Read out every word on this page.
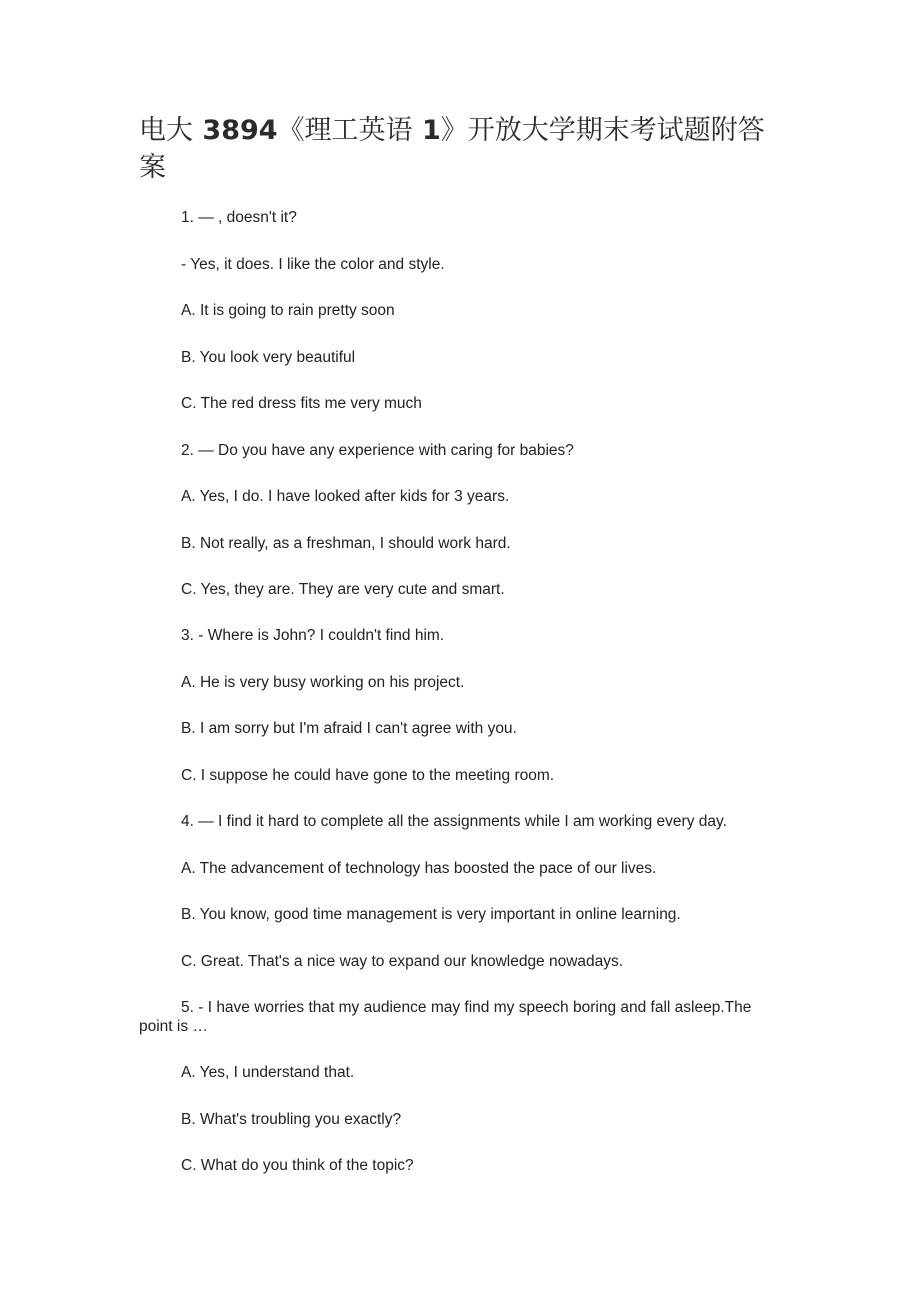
电大 3894《理工英语 1》开放大学期末考试题附答案

1. — , doesn't it?

- Yes, it does. I like the color and style.

A. It is going to rain pretty soon

B. You look very beautiful

C. The red dress fits me very much

2. — Do you have any experience with caring for babies?

A. Yes, I do. I have looked after kids for 3 years.

B. Not really, as a freshman, I should work hard.

C. Yes, they are. They are very cute and smart.

3. - Where is John? I couldn't find him.

A. He is very busy working on his project.

B. I am sorry but I'm afraid I can't agree with you.

C. I suppose he could have gone to the meeting room.

4. — I find it hard to complete all the assignments while I am working every day.

A. The advancement of technology has boosted the pace of our lives.

B. You know, good time management is very important in online learning.

C. Great. That's a nice way to expand our knowledge nowadays.

5. - I have worries that my audience may find my speech boring and fall asleep.The point is …

A. Yes, I understand that.

B. What's troubling you exactly?

C. What do you think of the topic?
